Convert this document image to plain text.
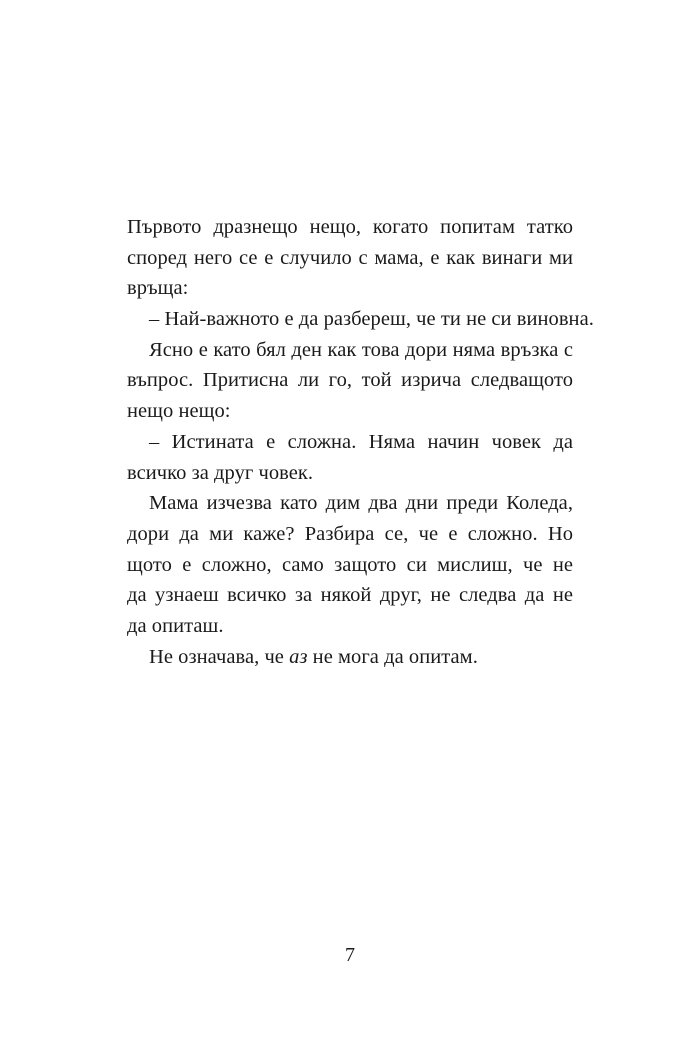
Първото дразнещо нещо, когато попитам татко
според него се е случило с мама, е как винаги ми
връща:
– Най-важното е да разбереш, че ти не си виновна.
Ясно е като бял ден как това дори няма връзка с
въпрос. Притисна ли го, той изрича следващото
нещо нещо:
– Истината е сложна. Няма начин човек да
всичко за друг човек.
Мама изчезва като дим два дни преди Коледа,
дори да ми каже? Разбира се, че е сложно. Но
щото е сложно, само защото си мислиш, че не
да узнаеш всичко за някой друг, не следва да не
да опиташ.
Не означава, че аз не мога да опитам.
7
